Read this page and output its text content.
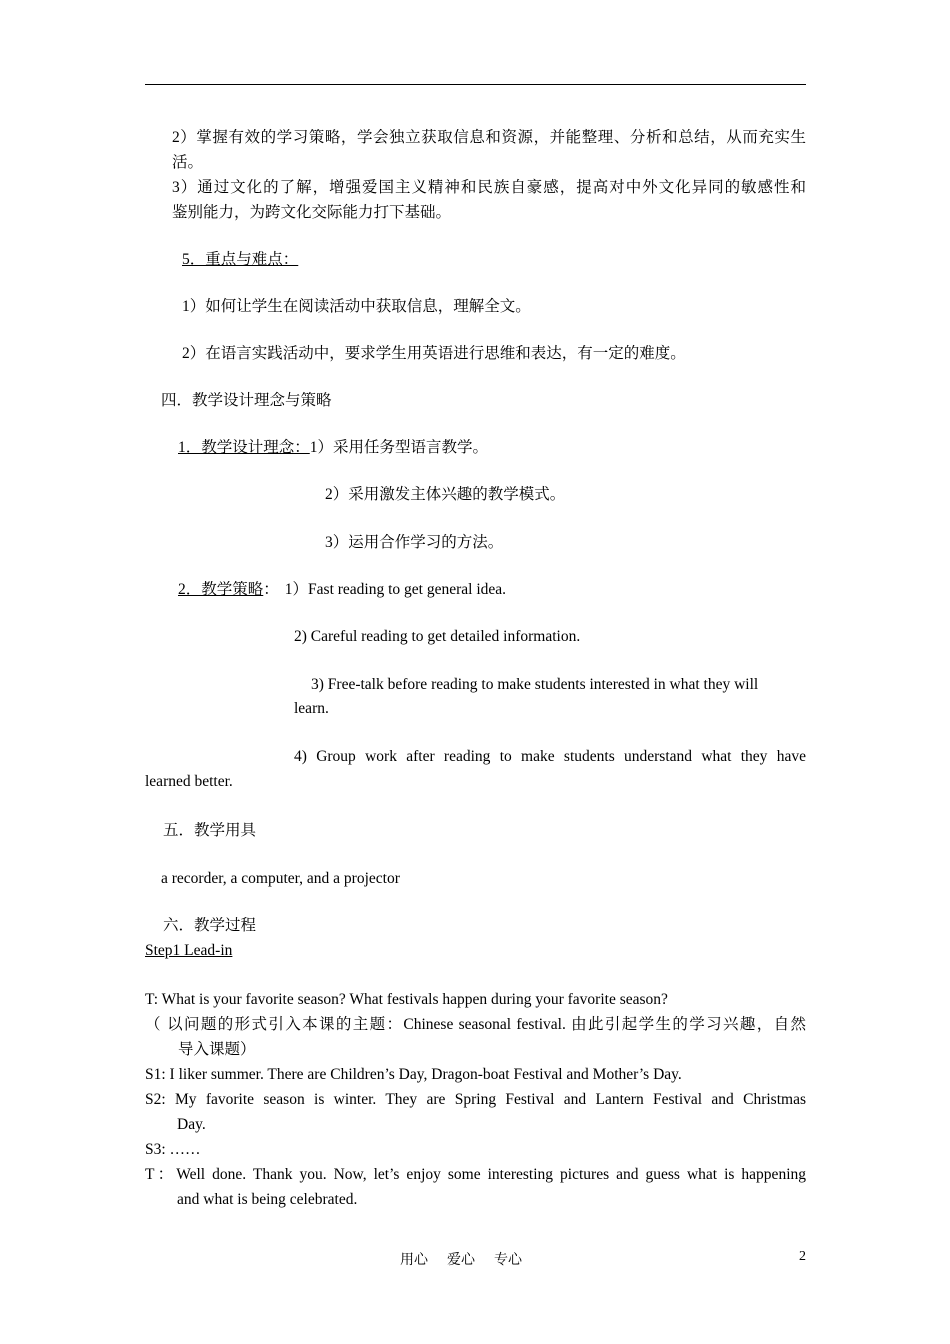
2）掌握有效的学习策略，学会独立获取信息和资源，并能整理、分析和总结，从而充实生
活。
3）通过文化的了解，增强爱国主义精神和民族自豪感，提高对中外文化异同的敏感性和
鉴别能力，为跨文化交际能力打下基础。
5．重点与难点：
1）如何让学生在阅读活动中获取信息，理解全文。
2）在语言实践活动中，要求学生用英语进行思维和表达，有一定的难度。
四．教学设计理念与策略
1．教学设计理念：1）采用任务型语言教学。
2）采用激发主体兴趣的教学模式。
3）运用合作学习的方法。
2．教学策略： 1）Fast reading to get general idea.
2) Careful reading to get detailed information.
3) Free-talk before reading to make students interested in what they will
learn.
4) Group work after reading to make students understand what they have
learned better.
五．教学用具
a recorder, a computer, and a projector
六．教学过程
Step1 Lead-in
T: What is your favorite season? What festivals happen during your favorite season?
（ 以问题的形式引入本课的主题：Chinese seasonal festival. 由此引起学生的学习兴趣，自然
导入课题）
S1: I liker summer. There are Children’s Day, Dragon-boat Festival and Mother’s Day.
S2: My favorite season is winter. They are Spring Festival and Lantern Festival and Christmas
Day.
S3: ……
T：Well done. Thank you. Now, let’s enjoy some interesting pictures and guess what is happening
and what is being celebrated.
用心 爱心 专心	2
